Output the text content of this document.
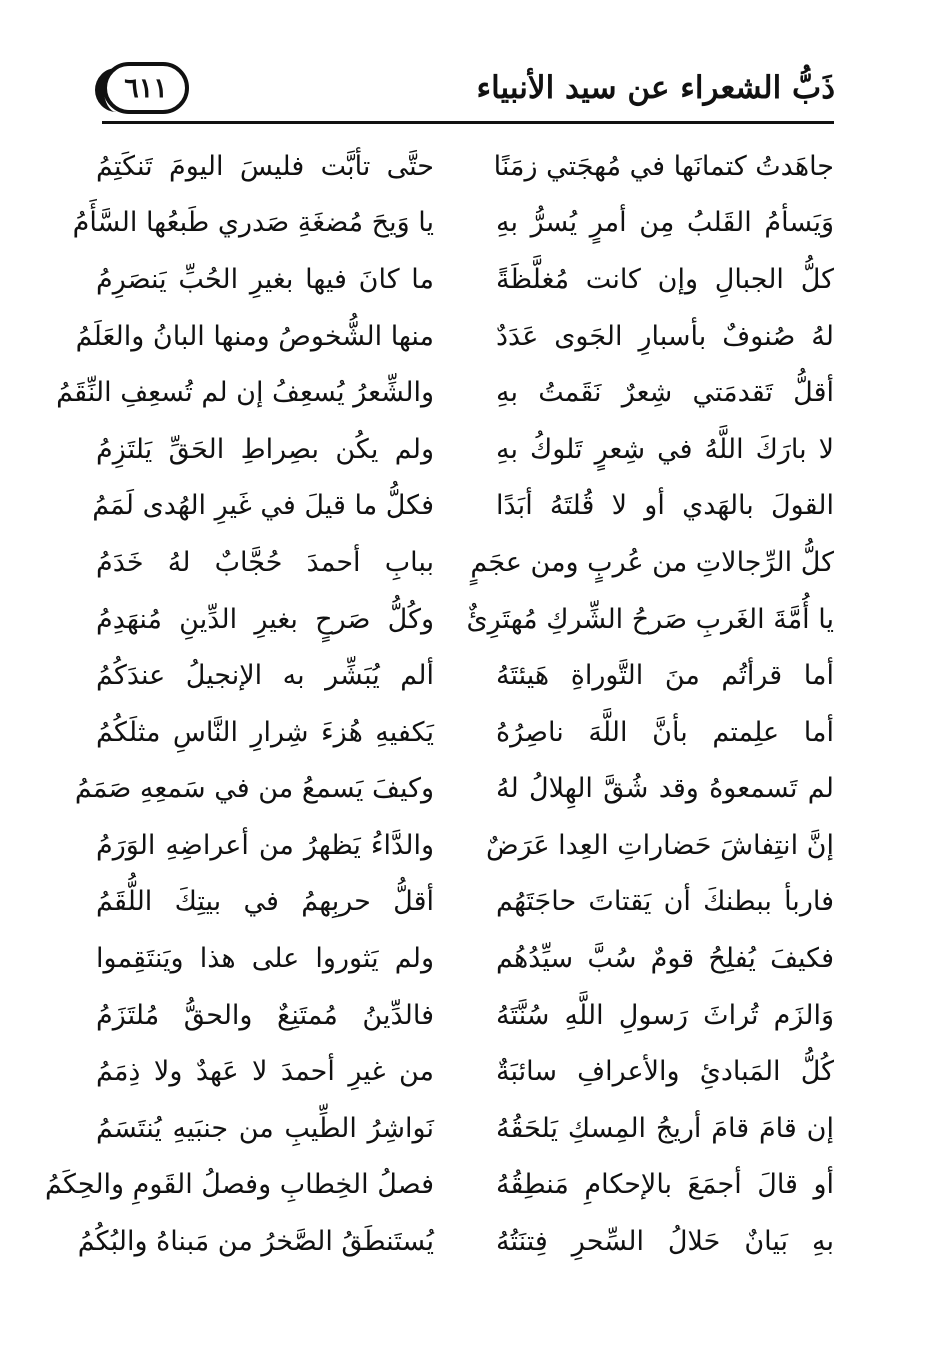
ذَبُّ الشعراء عن سيد الأنبياء
٦١١
جاهَدتُ كتمانَها في مُهجَتي زمَنًا
حتَّى تأبَّت فليسَ اليومَ تَنكَتِمُ
وَيَسأمُ القَلبُ مِن أمرٍ يُسرُّ بهِ
يا وَيحَ مُضغَةِ صَدري طَبعُها السَّأَمُ
كلُّ الجبالِ وإن كانت مُغلَّظَةً
ما كانَ فيها بغيرِ الحُبِّ يَنصَرِمُ
لهُ صُنوفٌ بأسبارِ الجَوى عَدَدٌ
منها الشُّخوصُ ومنها البانُ والعَلَمُ
أقلُّ تَقدمَتي شِعرٌ نَقَمتُ بهِ
والشِّعرُ يُسعِفُ إن لم تُسعِفِ النِّقَمُ
لا بارَكَ اللَّهُ في شِعرٍ تَلوكُ بهِ
ولم يكُن بصِراطِ الحَقِّ يَلتَزِمُ
القولَ بالهَدي أو لا قُلتَهُ أبَدًا
فكلُّ ما قيلَ في غَيرِ الهُدى لَمَمُ
كلُّ الرِّجالاتِ من عُربٍ ومن عجَمٍ
ببابِ أحمدَ حُجَّابٌ لهُ خَدَمُ
يا أُمَّةَ الغَربِ صَرحُ الشِّركِ مُهتَرِئٌ
وكُلُّ صَرحٍ بغيرِ الدِّينِ مُنهَدِمُ
أما قرأتُم منَ التَّوراةِ هَيئتَهُ
ألم يُبَشِّر به الإنجيلُ عندَكُمُ
أما علِمتم بأنَّ اللَّهَ ناصِرُهُ
يَكفيهِ هُزءَ شِرارِ النَّاسِ مثلَكُمُ
لم تَسمعوهُ وقد شُقَّ الهِلالُ لهُ
وكيفَ يَسمعُ من في سَمعِهِ صَمَمُ
إنَّ انتِفاشَ حَضاراتِ العِدا عَرَضٌ
والدَّاءُ يَظهرُ من أعراضِهِ الوَرَمُ
فاربأ ببطنكَ أن يَقتاتَ حاجَتَهُم
أقلُّ حربِهمُ في بيتِكَ اللُّقَمُ
فكيفَ يُفلِحُ قومٌ سُبَّ سيِّدُهُم
ولم يَثوروا على هذا ويَنتَقِموا
وَالزَم تُراثَ رَسولِ اللَّهِ سُنَّتَهُ
فالدِّينُ مُمتَنِعٌ والحقُّ مُلتَزَمُ
كُلُّ المَبادئِ والأعرافِ سائبَةٌ
من غيرِ أحمدَ لا عَهدٌ ولا ذِمَمُ
إن قامَ قامَ أريجُ المِسكِ يَلحَقُهُ
نَواشِرُ الطِّيبِ من جنبَيهِ يُنتَسَمُ
أو قالَ أجمَعَ بالإحكامِ مَنطِقُهُ
فصلُ الخِطابِ وفصلُ القَومِ والحِكَمُ
بهِ بَيانٌ حَلالُ السِّحرِ فِتنَتُهُ
يُستَنطَقُ الصَّخرُ من مَبناهُ والبُكُمُ
